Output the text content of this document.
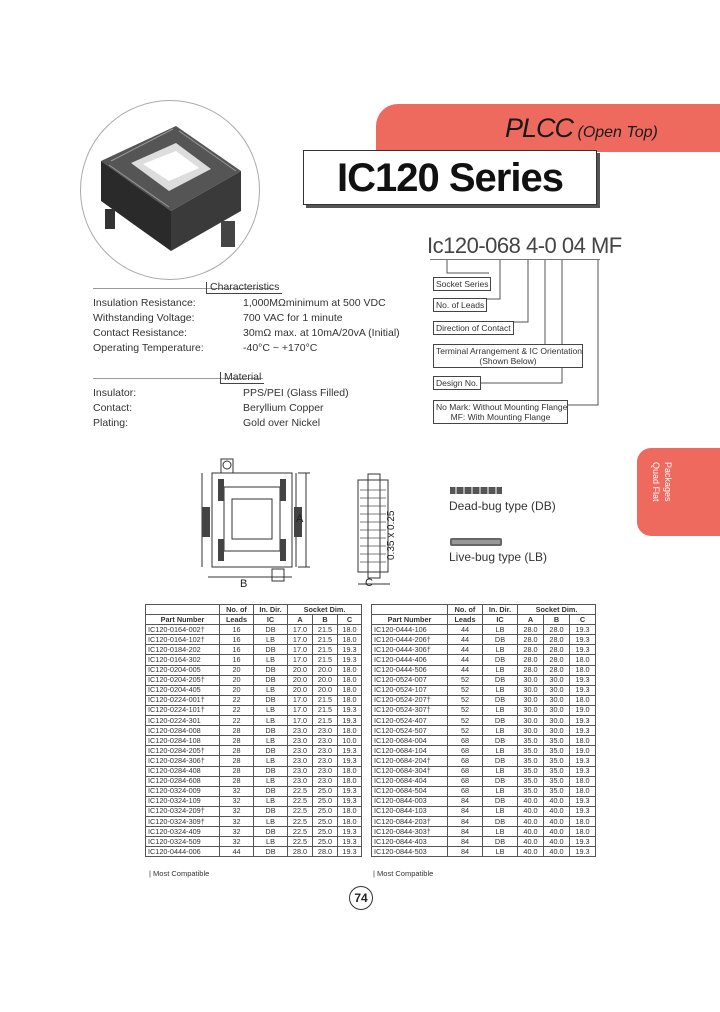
PLCC (Open Top)
IC120 Series
Ic120-068 4-0 04 MF
Socket Series
No. of Leads
Direction of Contact
Terminal Arrangement & IC Orientation
(Shown Below)
Design No.
No Mark: Without Mounting Flange
MF: With Mounting Flange
Characteristics
Insulation Resistance:	1,000MΩminimum at 500 VDC
Withstanding Voltage:	700 VAC for 1 minute
Contact Resistance:	30mΩ max. at 10mA/20vA (Initial)
Operating Temperature:	-40°C ~ +170°C
Material
Insulator:	PPS/PEI (Glass Filled)
Contact:	Beryllium Copper
Plating:	Gold over Nickel
Quad Flat Packages
A
B	C
0.35 x 0.25
Dead-bug type (DB)
Live-bug type (LB)
	No. of	In. Dir.	Socket Dim.		
Part Number	Leads	IC	A	B	C
IC120-0164-002†	16	DB	17.0	21.5	18.0
IC120-0164-102†	16	LB	17.0	21.5	18.0
IC120-0184-202	16	DB	17.0	21.5	19.3
IC120-0164-302	16	LB	17.0	21.5	19.3
IC120-0204-005	20	DB	20.0	20.0	18.0
IC120-0204-205†	20	DB	20.0	20.0	18.0
IC120-0204-405	20	LB	20.0	20.0	18.0
IC120-0224-001†	22	DB	17.0	21.5	18.0
IC120-0224-101†	22	LB	17.0	21.5	19.3
IC120-0224-301	22	LB	17.0	21.5	19.3
IC120-0284-008	28	DB	23.0	23.0	18.0
IC120-0284-108	28	LB	23.0	23.0	10.0
IC120-0284-205†	28	DB	23.0	23.0	19.3
IC120-0284-306†	28	LB	23.0	23.0	19.3
IC120-0284-408	28	DB	23.0	23.0	18.0
IC120-0284-608	28	LB	23.0	23.0	18.0
IC120-0324-009	32	DB	22.5	25.0	19.3
IC120-0324-109	32	LB	22.5	25.0	19.3
IC120-0324-209†	32	DB	22.5	25.0	18.0
IC120-0324-309†	32	LB	22.5	25.0	18.0
IC120-0324-409	32	DB	22.5	25.0	19.3
IC120-0324-509	32	LB	22.5	25.0	19.3
IC120-0444-006	44	DB	28.0	28.0	19.3
	No. of	In. Dir.	Socket Dim.		
Part Number	Leads	IC	A	B	C
IC120-0444-106	44	LB	28.0	28.0	19.3
IC120-0444-206†	44	DB	28.0	28.0	19.3
IC120-0444-306†	44	LB	28.0	28.0	19.3
IC120-0444-406	44	DB	28.0	28.0	18.0
IC120-0444-506	44	LB	28.0	28.0	18.0
IC120-0524-007	52	DB	30.0	30.0	19.3
IC120-0524-107	52	LB	30.0	30.0	19.3
IC120-0524-207†	52	DB	30.0	30.0	18.0
IC120-0524-307†	52	LB	30.0	30.0	19.0
IC120-0524-407	52	DB	30.0	30.0	19.3
IC120-0524-507	52	LB	30.0	30.0	19.3
IC120-0684-004	68	DB	35.0	35.0	18.0
IC120-0684-104	68	LB	35.0	35.0	19.0
IC120-0684-204†	68	DB	35.0	35.0	19.3
IC120-0684-304†	68	LB	35.0	35.0	19.3
IC120-0684-404	68	DB	35.0	35.0	18.0
IC120-0684-504	68	LB	35.0	35.0	18.0
IC120-0844-003	84	DB	40.0	40.0	19.3
IC120-0844-103	84	LB	40.0	40.0	19.3
IC120-0844-203†	84	DB	40.0	40.0	18.0
IC120-0844-303†	84	LB	40.0	40.0	18.0
IC120-0844-403	84	DB	40.0	40.0	19.3
IC120-0844-503	84	LB	40.0	40.0	19.3
| Most Compatible	| Most Compatible
74
